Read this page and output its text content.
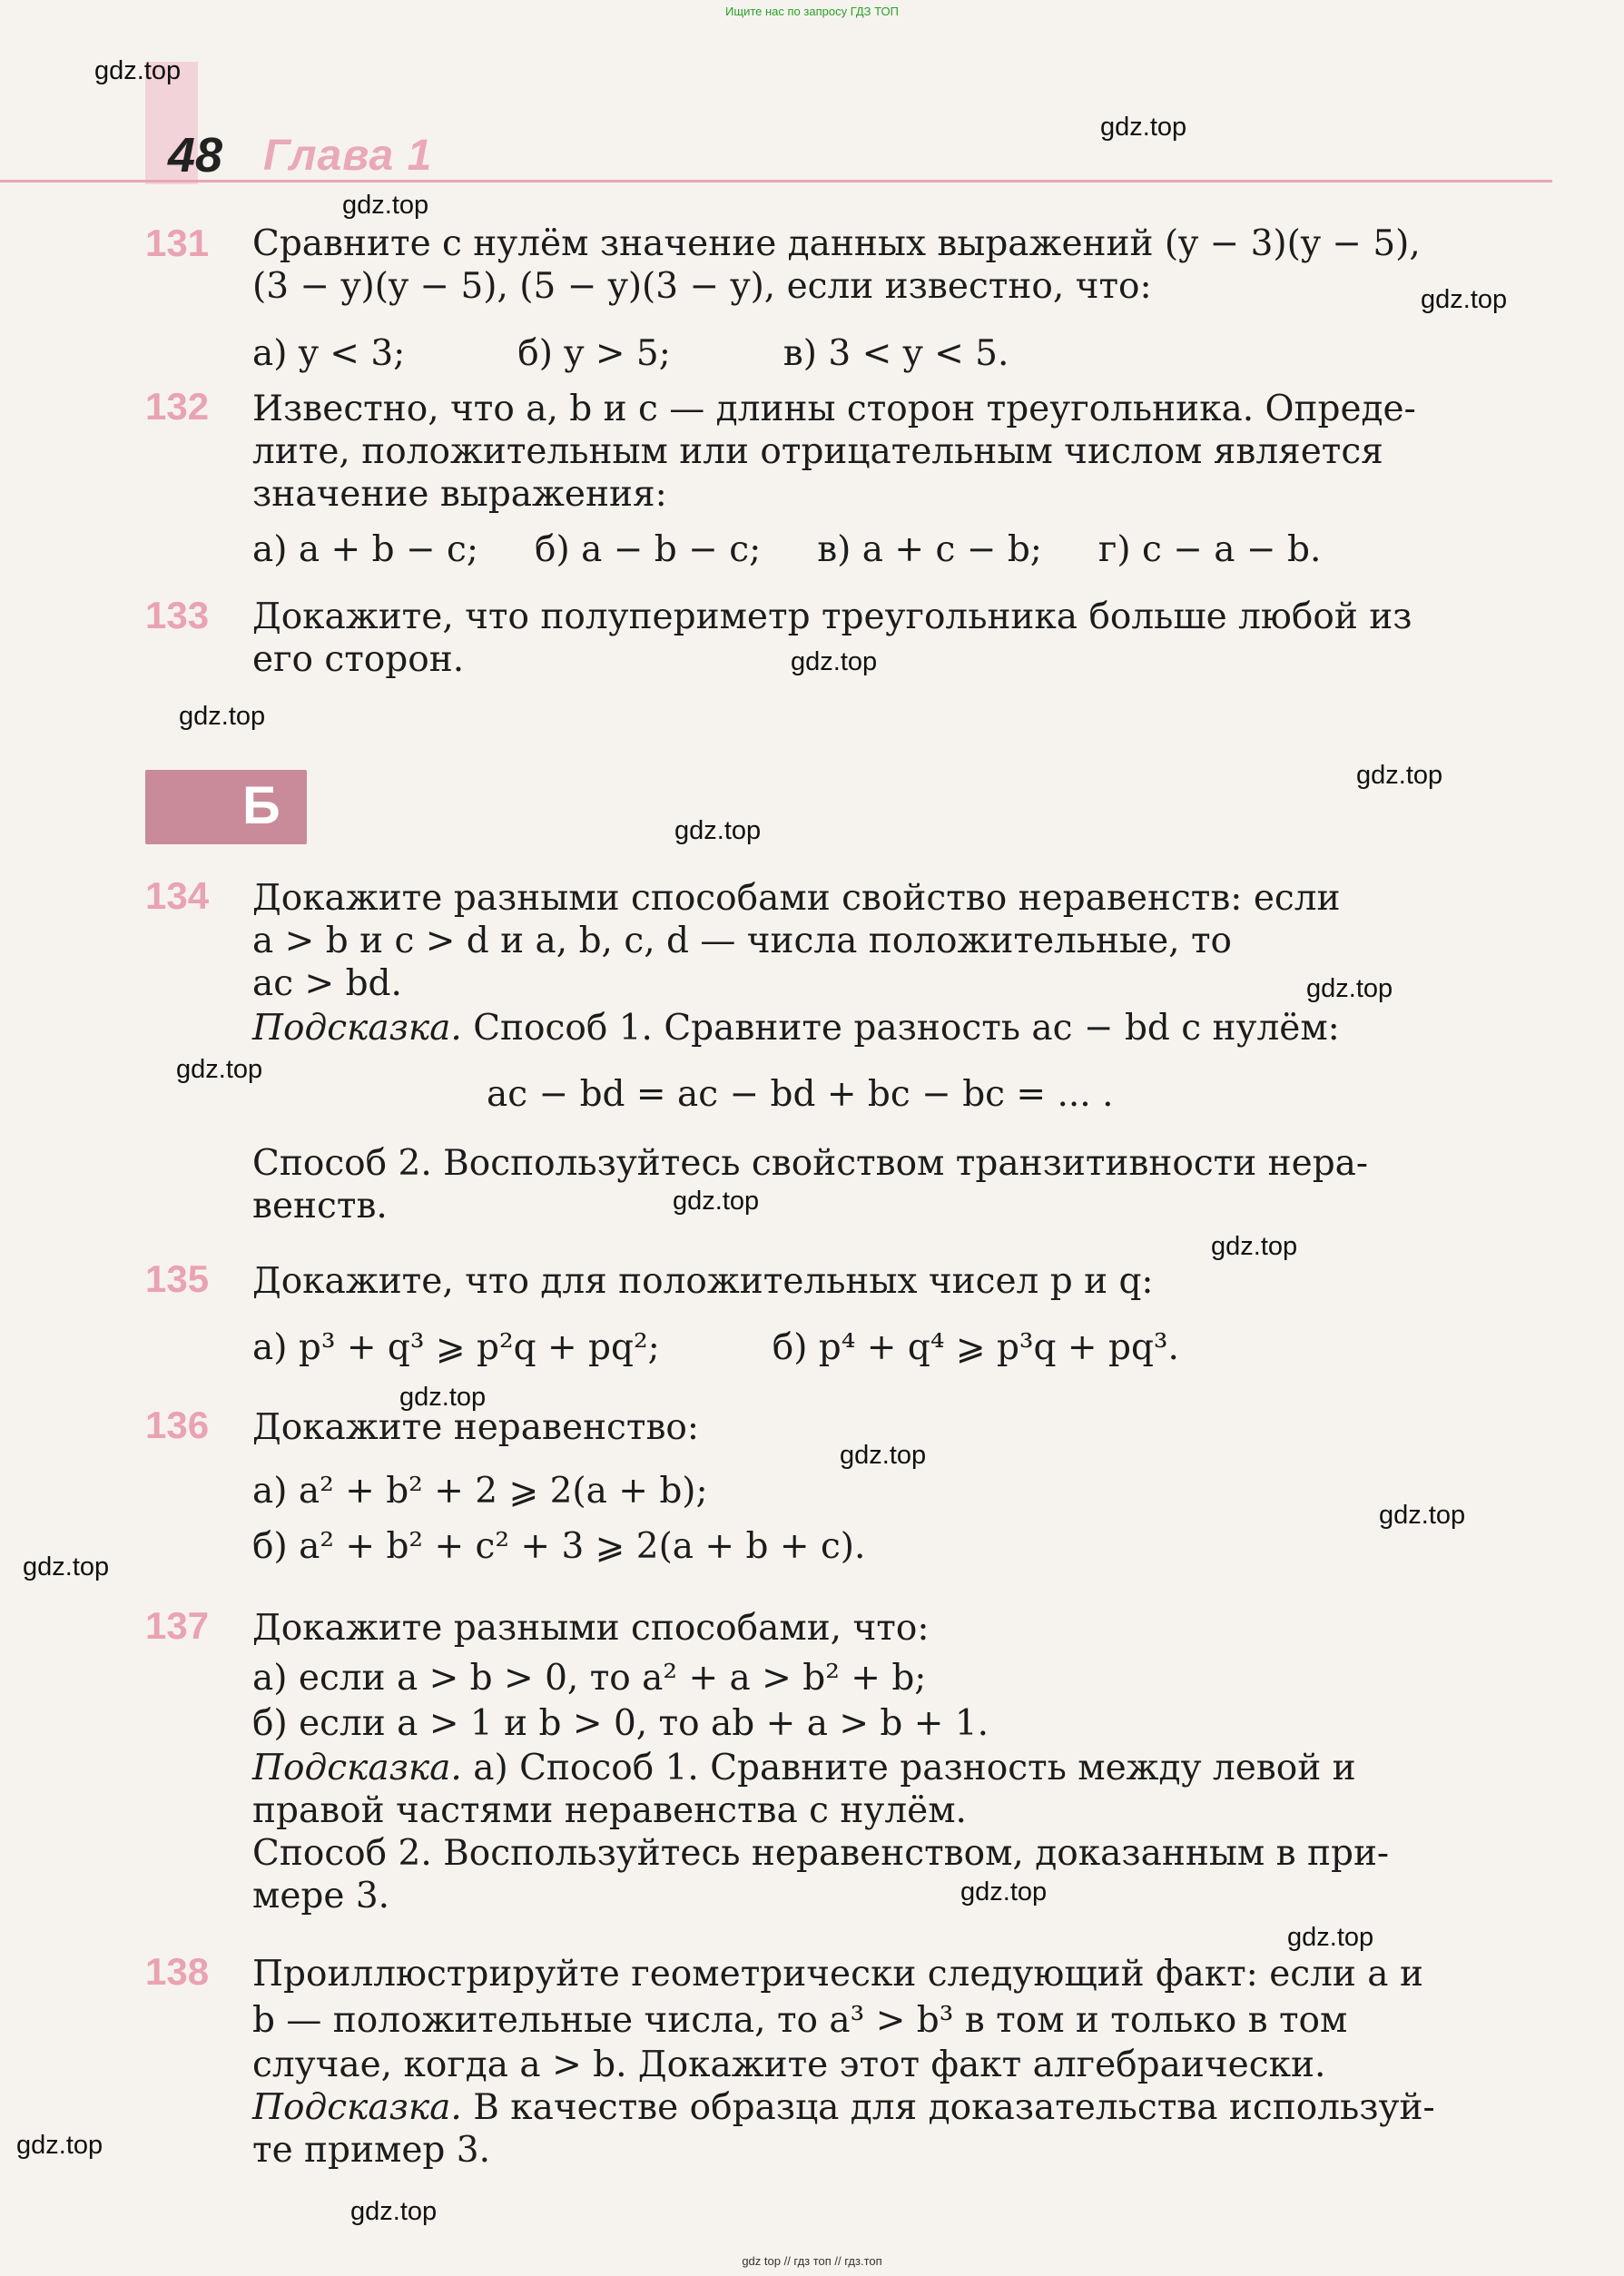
Ищите нас по запросу ГДЗ ТОП
48 Глава 1
gdz.top
gdz.top
gdz.top
gdz.top
gdz.top
gdz.top
gdz.top
gdz.top
gdz.top
gdz.top
gdz.top
gdz.top
gdz.top
gdz.top
gdz.top
gdz.top
gdz.top
gdz.top
gdz.top
gdz.top
131 Сравните с нулём значение данных выражений (y − 3)(y − 5),
(3 − y)(y − 5), (5 − y)(3 − y), если известно, что:
а) y < 3;          б) y > 5;          в) 3 < y < 5.
132 Известно, что a, b и c — длины сторон треугольника. Опреде-
лите, положительным или отрицательным числом является
значение выражения:
а) a + b − c;     б) a − b − c;     в) a + c − b;     г) c − a − b.
133 Докажите, что полупериметр треугольника больше любой из
его сторон.
Б
134 Докажите разными способами свойство неравенств: если
a > b и c > d и a, b, c, d — числа положительные, то
ac > bd.
Подсказка. Способ 1. Сравните разность ac − bd с нулём:
ac − bd = ac − bd + bc − bc = ... .
Способ 2. Воспользуйтесь свойством транзитивности нера-
венств.
135 Докажите, что для положительных чисел p и q:
а) p³ + q³ ⩾ p²q + pq²;          б) p⁴ + q⁴ ⩾ p³q + pq³.
136 Докажите неравенство:
а) a² + b² + 2 ⩾ 2(a + b);
б) a² + b² + c² + 3 ⩾ 2(a + b + c).
137 Докажите разными способами, что:
а) если a > b > 0, то a² + a > b² + b;
б) если a > 1 и b > 0, то ab + a > b + 1.
Подсказка. а) Способ 1. Сравните разность между левой и
правой частями неравенства с нулём.
Способ 2. Воспользуйтесь неравенством, доказанным в при-
мере 3.
138 Проиллюстрируйте геометрически следующий факт: если a и
b — положительные числа, то a³ > b³ в том и только в том
случае, когда a > b. Докажите этот факт алгебраически.
Подсказка. В качестве образца для доказательства используй-
те пример 3.
gdz top // гдз топ // гдз.топ
